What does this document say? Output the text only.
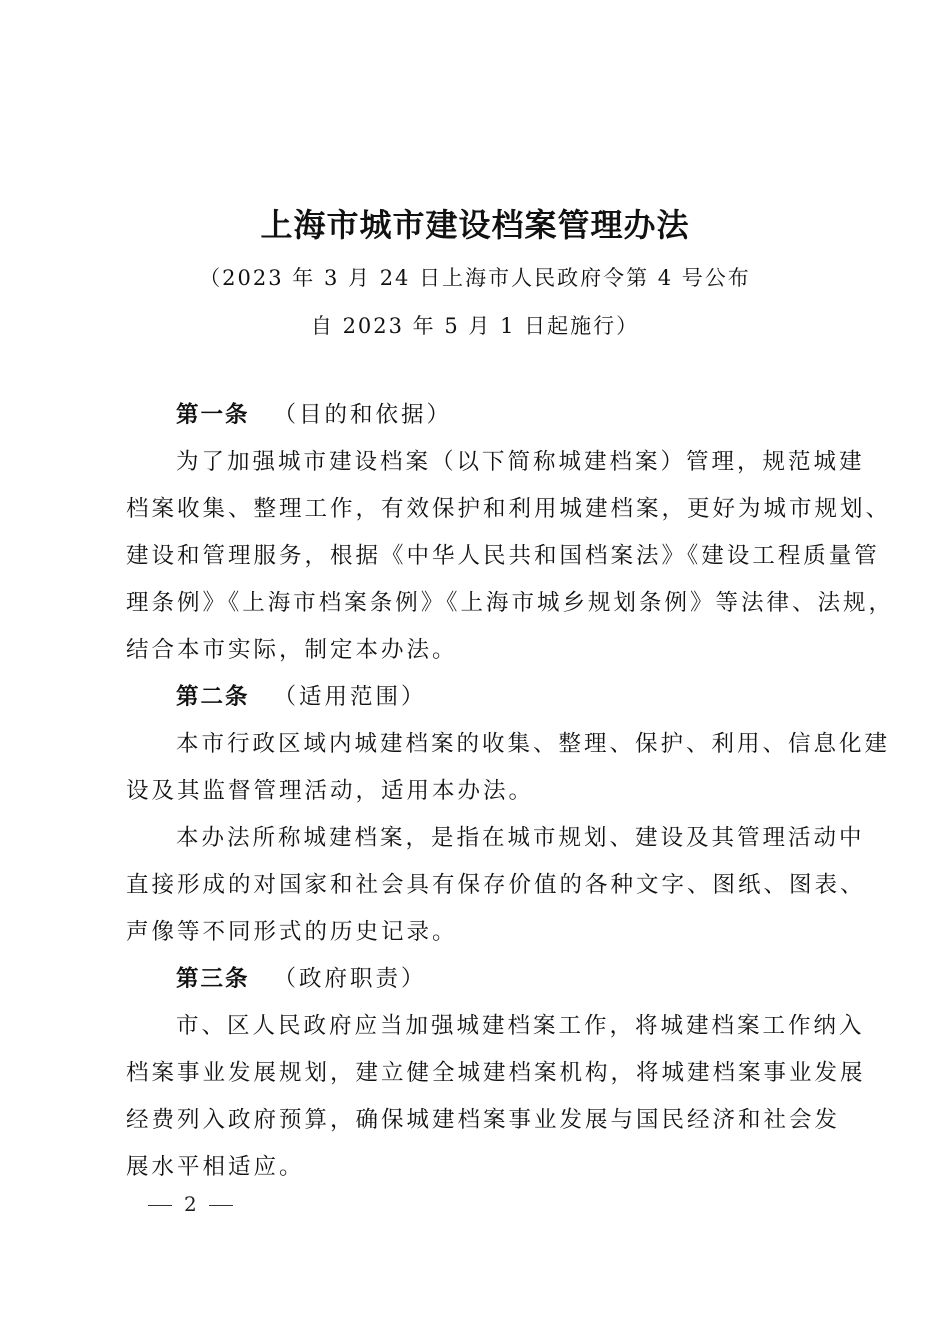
上海市城市建设档案管理办法
（2023 年 3 月 24 日上海市人民政府令第 4 号公布
自 2023 年 5 月 1 日起施行）
第一条 （目的和依据）
为了加强城市建设档案（以下简称城建档案）管理，规范城建
档案收集、整理工作，有效保护和利用城建档案，更好为城市规划、
建设和管理服务，根据《中华人民共和国档案法》《建设工程质量管
理条例》《上海市档案条例》《上海市城乡规划条例》等法律、法规，
结合本市实际，制定本办法。
第二条 （适用范围）
本市行政区域内城建档案的收集、整理、保护、利用、信息化建
设及其监督管理活动，适用本办法。
本办法所称城建档案，是指在城市规划、建设及其管理活动中
直接形成的对国家和社会具有保存价值的各种文字、图纸、图表、
声像等不同形式的历史记录。
第三条 （政府职责）
市、区人民政府应当加强城建档案工作，将城建档案工作纳入
档案事业发展规划，建立健全城建档案机构，将城建档案事业发展
经费列入政府预算，确保城建档案事业发展与国民经济和社会发
展水平相适应。
2
